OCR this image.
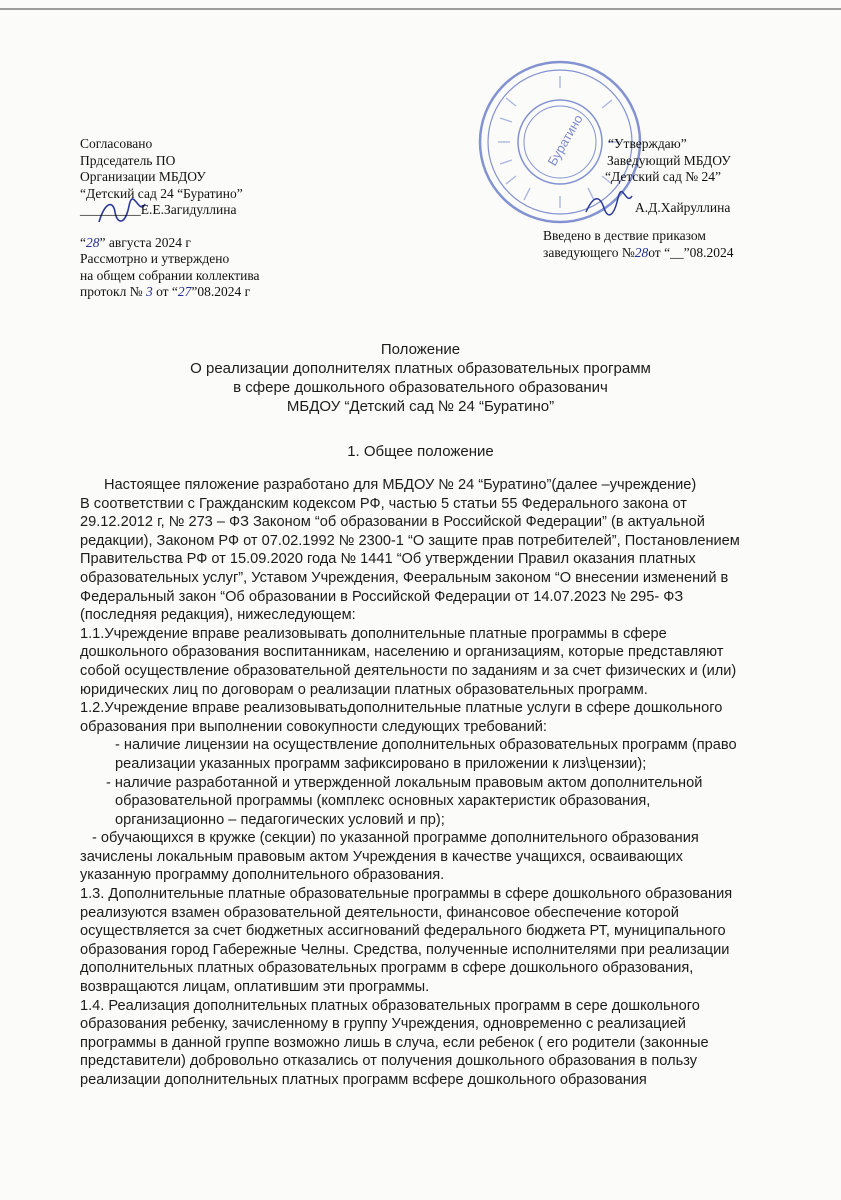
Буратино
Согласовано
Прдседатель ПО
Организации МБДОУ
“Детский сад 24 “Буратино”
_________Е.Е.Загидуллина
“28” августа 2024 г
Рассмотрно и утверждено
на общем собрании коллектива
протокл № 3 от “27”08.2024 г
“Утверждаю”
Заведующий МБДОУ
“Детский сад № 24”
А.Д.Хайруллина
Введено в дествие приказом
заведующего №28от “__”08.2024
Положение
О реализации дополнителях платных образовательных программ
в сфере дошкольного образовательного образованич
МБДОУ “Детский сад № 24 “Буратино”
1. Общее положение
Настоящее пяложение разработано для МБДОУ № 24 “Буратино”(далее –учреждение)
В соответствии с Гражданским кодексом РФ, частью 5 статьи 55 Федерального закона от
29.12.2012 г, № 273 – ФЗ Законом “об образовании в Российской Федерации” (в актуальной
редакции), Законом РФ от 07.02.1992 № 2300-1 “О защите прав потребителей”, Постановлением
Правительства РФ от 15.09.2020 года № 1441 “Об утверждении Правил оказания платных
образовательных услуг”, Уставом Учреждения, Фееральным законом “О внесении изменений в
Федеральный закон “Об образовании в Российской Федерации от 14.07.2023 № 295- ФЗ
(последняя редакция), нижеследующем:
1.1.Учреждение вправе реализовывать дополнительные платные программы в сфере
дошкольного образования воспитанникам, населению и организациям, которые представляют
собой осуществление образовательной деятельности по заданиям и за счет физических и (или)
юридических лиц по договорам о реализации платных образовательных программ.
1.2.Учреждение вправе реализовыватьдополнительные платные услуги в сфере дошкольного
образования при выполнении совокупности следующих требований:
- наличие лицензии на осуществление дополнительных образовательных программ (право
реализации указанных программ зафиксировано в приложении к лиз\цензии);
- наличие разработанной и утвержденной локальным правовым актом дополнительной
образовательной программы (комплекс основных характеристик образования,
организационно – педагогических условий и пр);
- обучающихся в кружке (секции) по указанной программе дополнительного образования
зачислены локальным правовым актом Учреждения в качестве учащихся, осваивающих
указанную программу дополнительного образования.
1.3. Дополнительные платные образовательные программы в сфере дошкольного образования
реализуются взамен образовательной деятельности, финансовое обеспечение которой
осуществляется за счет бюджетных ассигнований федерального бюджета РТ, муниципального
образования город Габережные Челны. Средства, полученные исполнителями при реализации
дополнительных платных образовательных программ в сфере дошкольного образования,
возвращаются лицам, оплатившим эти программы.
1.4. Реализация дополнительных платных образовательных программ в сере дошкольного
образования ребенку, зачисленному в группу Учреждения, одновременно с реализацией
программы в данной группе возможно лишь в случа, если ребенок ( его родители (законные
представители) добровольно отказались от получения дошкольного образования в пользу
реализации дополнительных платных программ всфере дошкольного образования
